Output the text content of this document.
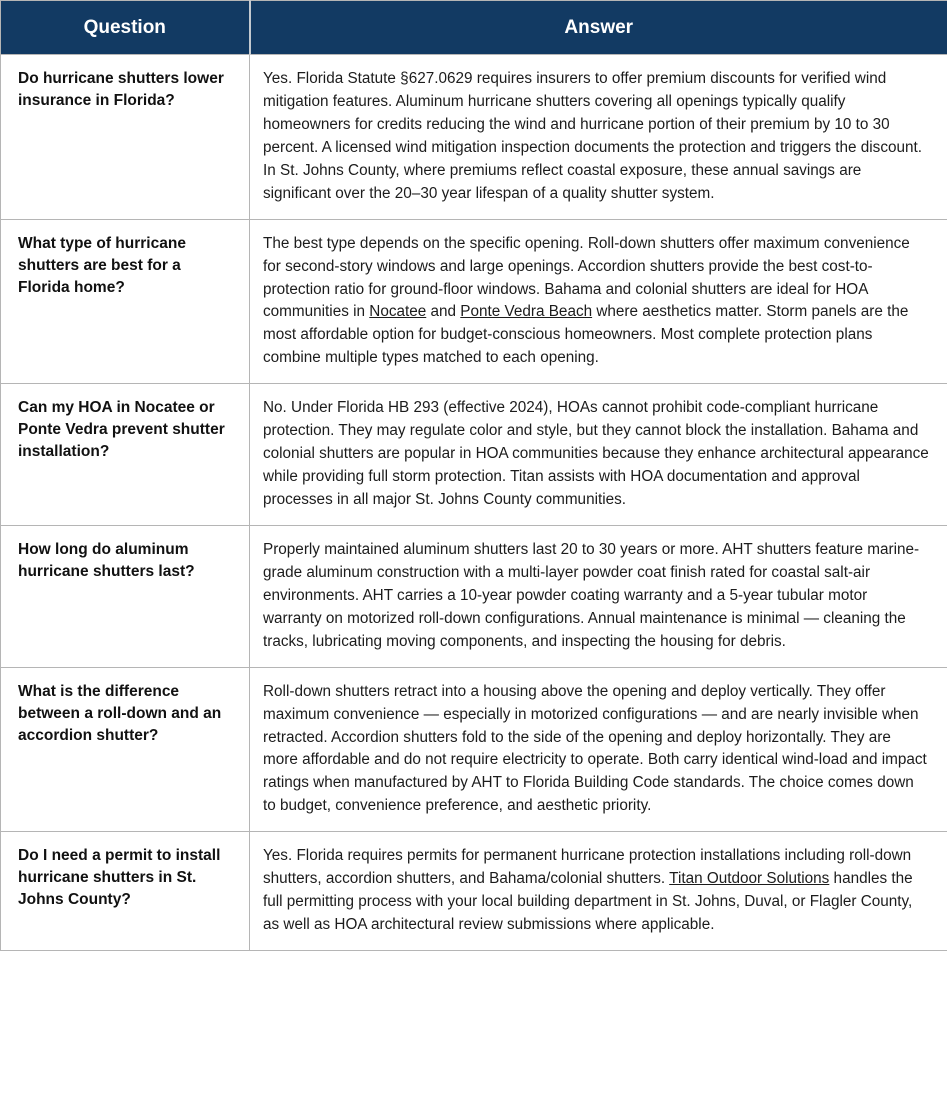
Question	Answer
Do hurricane shutters lower insurance in Florida?	Yes. Florida Statute §627.0629 requires insurers to offer premium discounts for verified wind mitigation features. Aluminum hurricane shutters covering all openings typically qualify homeowners for credits reducing the wind and hurricane portion of their premium by 10 to 30 percent. A licensed wind mitigation inspection documents the protection and triggers the discount. In St. Johns County, where premiums reflect coastal exposure, these annual savings are significant over the 20–30 year lifespan of a quality shutter system.
What type of hurricane shutters are best for a Florida home?	The best type depends on the specific opening. Roll-down shutters offer maximum convenience for second-story windows and large openings. Accordion shutters provide the best cost-to-protection ratio for ground-floor windows. Bahama and colonial shutters are ideal for HOA communities in Nocatee and Ponte Vedra Beach where aesthetics matter. Storm panels are the most affordable option for budget-conscious homeowners. Most complete protection plans combine multiple types matched to each opening.
Can my HOA in Nocatee or Ponte Vedra prevent shutter installation?	No. Under Florida HB 293 (effective 2024), HOAs cannot prohibit code-compliant hurricane protection. They may regulate color and style, but they cannot block the installation. Bahama and colonial shutters are popular in HOA communities because they enhance architectural appearance while providing full storm protection. Titan assists with HOA documentation and approval processes in all major St. Johns County communities.
How long do aluminum hurricane shutters last?	Properly maintained aluminum shutters last 20 to 30 years or more. AHT shutters feature marine-grade aluminum construction with a multi-layer powder coat finish rated for coastal salt-air environments. AHT carries a 10-year powder coating warranty and a 5-year tubular motor warranty on motorized roll-down configurations. Annual maintenance is minimal — cleaning the tracks, lubricating moving components, and inspecting the housing for debris.
What is the difference between a roll-down and an accordion shutter?	Roll-down shutters retract into a housing above the opening and deploy vertically. They offer maximum convenience — especially in motorized configurations — and are nearly invisible when retracted. Accordion shutters fold to the side of the opening and deploy horizontally. They are more affordable and do not require electricity to operate. Both carry identical wind-load and impact ratings when manufactured by AHT to Florida Building Code standards. The choice comes down to budget, convenience preference, and aesthetic priority.
Do I need a permit to install hurricane shutters in St. Johns County?	Yes. Florida requires permits for permanent hurricane protection installations including roll-down shutters, accordion shutters, and Bahama/colonial shutters. Titan Outdoor Solutions handles the full permitting process with your local building department in St. Johns, Duval, or Flagler County, as well as HOA architectural review submissions where applicable.
